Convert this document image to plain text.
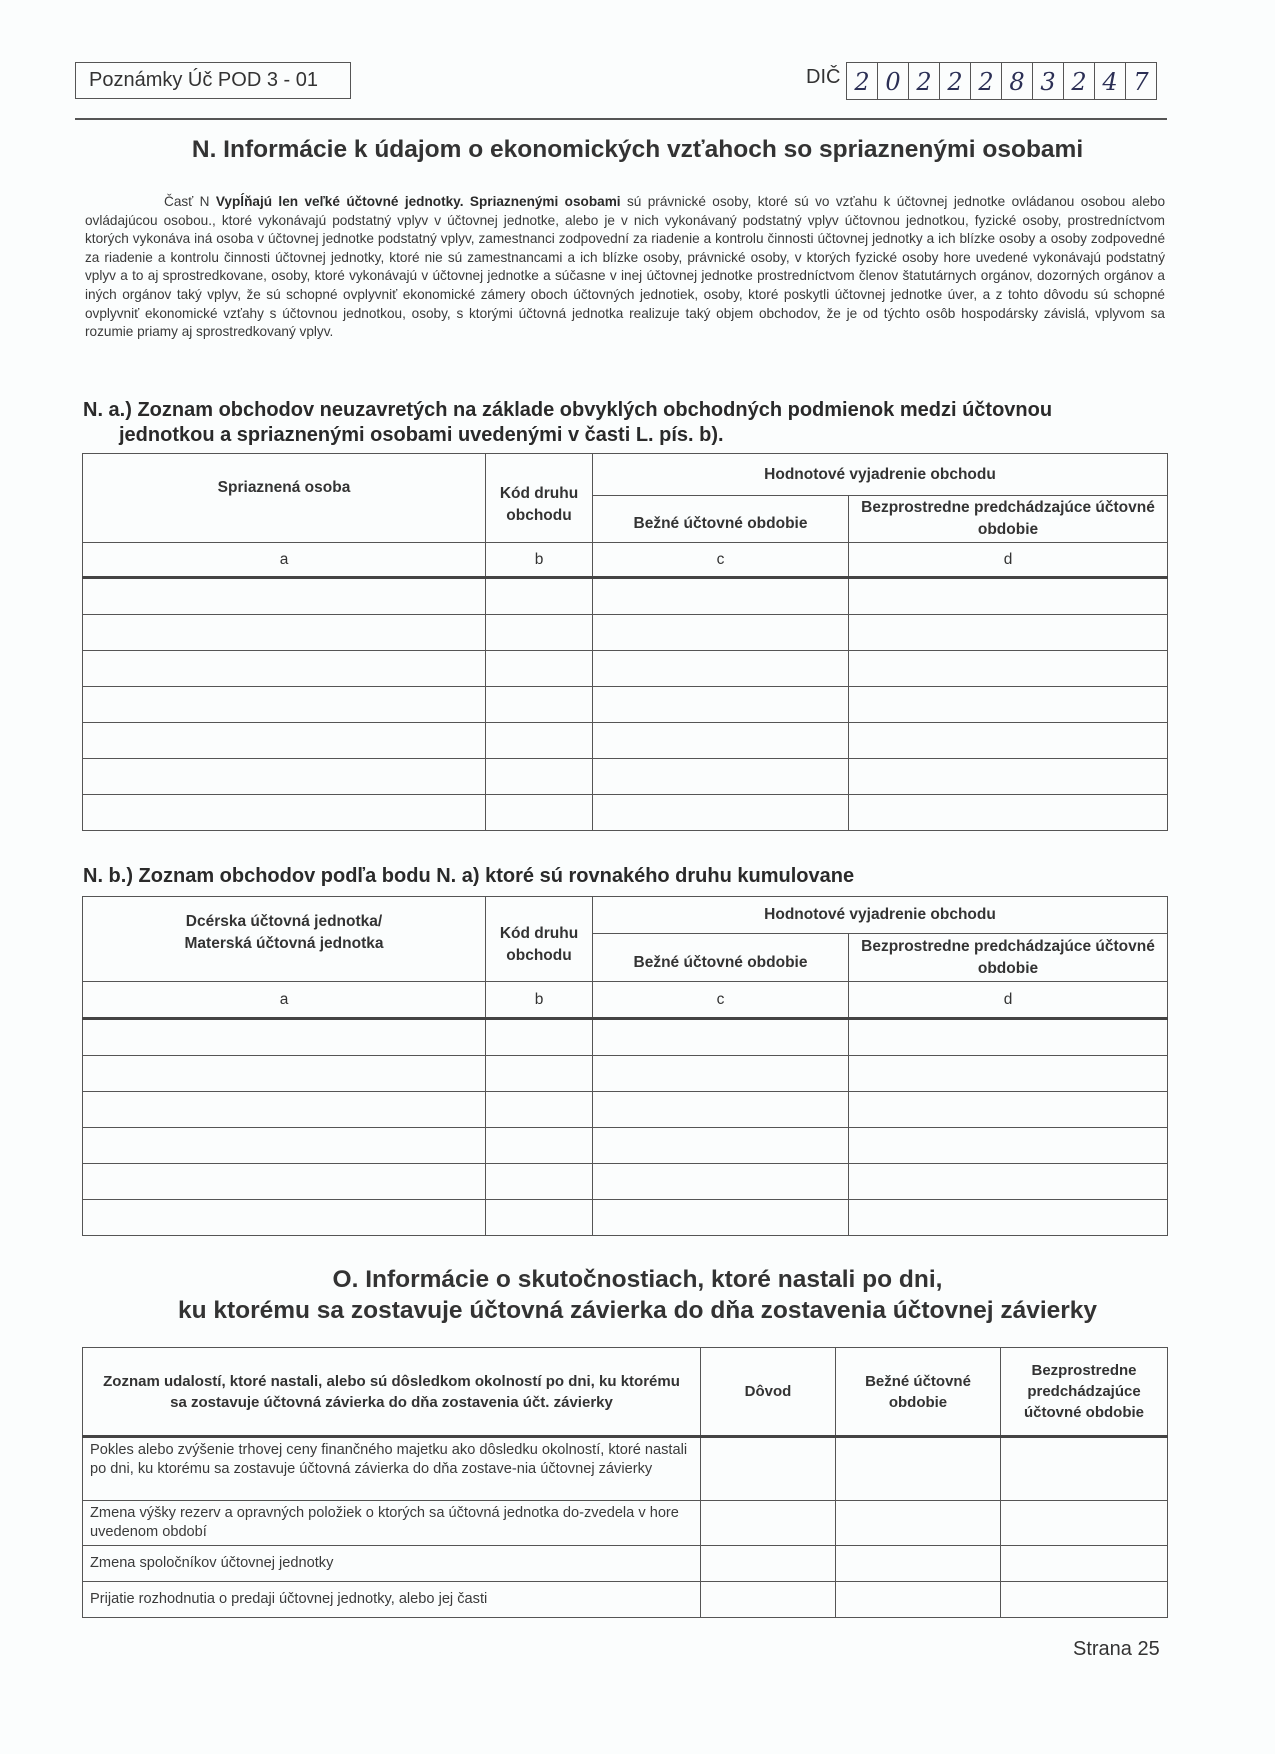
Poznámky Úč POD 3 - 01	DIČ 2 0 2 2 2 8 3 2 4 7
N. Informácie k údajom o ekonomických vzťahoch so spriaznenými osobami
Časť N Vypĺňajú len veľké účtovné jednotky. Spriaznenými osobami sú právnické osoby, ktoré sú vo vzťahu k účtovnej jednotke ovládanou osobou alebo ovládajúcou osobou., ktoré vykonávajú podstatný vplyv v účtovnej jednotke, alebo je v nich vykonávaný podstatný vplyv účtovnou jednotkou, fyzické osoby, prostredníctvom ktorých vykonáva iná osoba v účtovnej jednotke podstatný vplyv, zamestnanci zodpovední za riadenie a kontrolu činnosti účtovnej jednotky a ich blízke osoby a osoby zodpovedné za riadenie a kontrolu činnosti účtovnej jednotky, ktoré nie sú zamestnancami a ich blízke osoby, právnické osoby, v ktorých fyzické osoby hore uvedené vykonávajú podstatný vplyv a to aj sprostredkovane, osoby, ktoré vykonávajú v účtovnej jednotke a súčasne v inej účtovnej jednotke prostredníctvom členov štatutárnych orgánov, dozorných orgánov a iných orgánov taký vplyv, že sú schopné ovplyvniť ekonomické zámery oboch účtovných jednotiek, osoby, ktoré poskytli účtovnej jednotke úver, a z tohto dôvodu sú schopné ovplyvniť ekonomické vzťahy s účtovnou jednotkou, osoby, s ktorými účtovná jednotka realizuje taký objem obchodov, že je od týchto osôb hospodársky závislá, vplyvom sa rozumie priamy aj sprostredkovaný vplyv.
N. a.) Zoznam obchodov neuzavretých na základe obvyklých obchodných podmienok medzi účtovnou
jednotkou a spriaznenými osobami uvedenými v časti L. pís. b).
Spriaznená osoba	Kód druhu obchodu	Hodnotové vyjadrenie obchodu	
		Bežné účtovné obdobie	Bezprostredne predchádzajúce účtovné obdobie
a	b	c	d

N. b.) Zoznam obchodov podľa bodu N. a) ktoré sú rovnakého druhu kumulovane
Dcérska účtovná jednotka/
Materská účtovná jednotka	Kód druhu obchodu	Hodnotové vyjadrenie obchodu	
		Bežné účtovné obdobie	Bezprostredne predchádzajúce účtovné obdobie
a	b	c	d

O. Informácie o skutočnostiach, ktoré nastali po dni,
ku ktorému sa zostavuje účtovná závierka do dňa zostavenia účtovnej závierky
Zoznam udalostí, ktoré nastali, alebo sú dôsledkom okolností po dni, ku ktorému sa zostavuje účtovná závierka do dňa zostavenia účt. závierky	Dôvod	Bežné účtovné obdobie	Bezprostredne predchádzajúce účtovné obdobie
Pokles alebo zvýšenie trhovej ceny finančného majetku ako dôsledku okolností, ktoré nastali po dni, ku ktorému sa zostavuje účtovná závierka do dňa zostave-nia účtovnej závierky			
Zmena výšky rezerv a opravných položiek o ktorých sa účtovná jednotka do-zvedela v hore uvedenom období			
Zmena spoločníkov účtovnej jednotky			
Prijatie rozhodnutia o predaji účtovnej jednotky, alebo jej časti			
Strana 25
